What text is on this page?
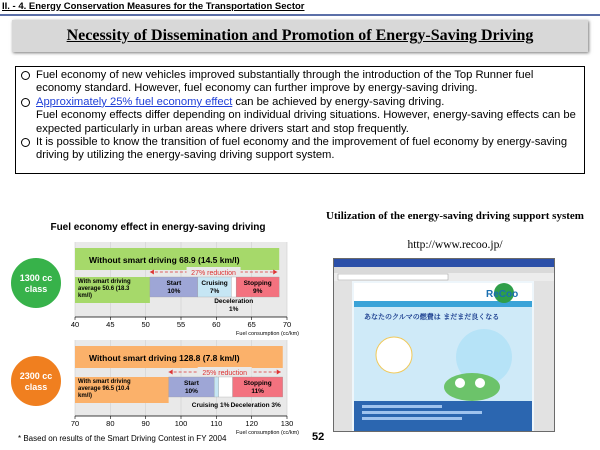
II. - 4. Energy Conservation Measures for the Transportation Sector
Necessity of Dissemination and Promotion of Energy-Saving Driving
Fuel economy of new vehicles improved substantially through the introduction of the Top Runner fuel economy standard. However, fuel economy can further improve by energy-saving driving.
Approximately 25% fuel economy effect can be achieved by energy-saving driving.
Fuel economy effects differ depending on individual driving situations. However, energy-saving effects can be expected particularly in urban areas where drivers start and stop frequently.
It is possible to know the transition of fuel economy and the improvement of fuel economy by energy-saving driving by utilizing the energy-saving driving support system.
Fuel economy effect in energy-saving driving
1300 cc
class
Without smart driving 68.9 (14.5 km/l)
With smart driving
average 50.6 (18.3
km/l)
Start
10%
Cruising
7%
Deceleration
1%
Stopping
9%
27% reduction
40	45	50	55	60	65	70
Fuel consumption (cc/km)
2300 cc
class
Without smart driving 128.8 (7.8 km/l)
With smart driving
average 96.5 (10.4
km/l)
Start
10%
Cruising 1% Deceleration 3%
Stopping
11%
25% reduction
70	80	90	100	110	120	130
Fuel consumption (cc/km)
Utilization of the energy-saving driving support system
http://www.recoo.jp/
ReCoo
あなたのクルマの燃費は まだまだ良くなる
* Based on results of the Smart Driving Contest in FY 2004	52
